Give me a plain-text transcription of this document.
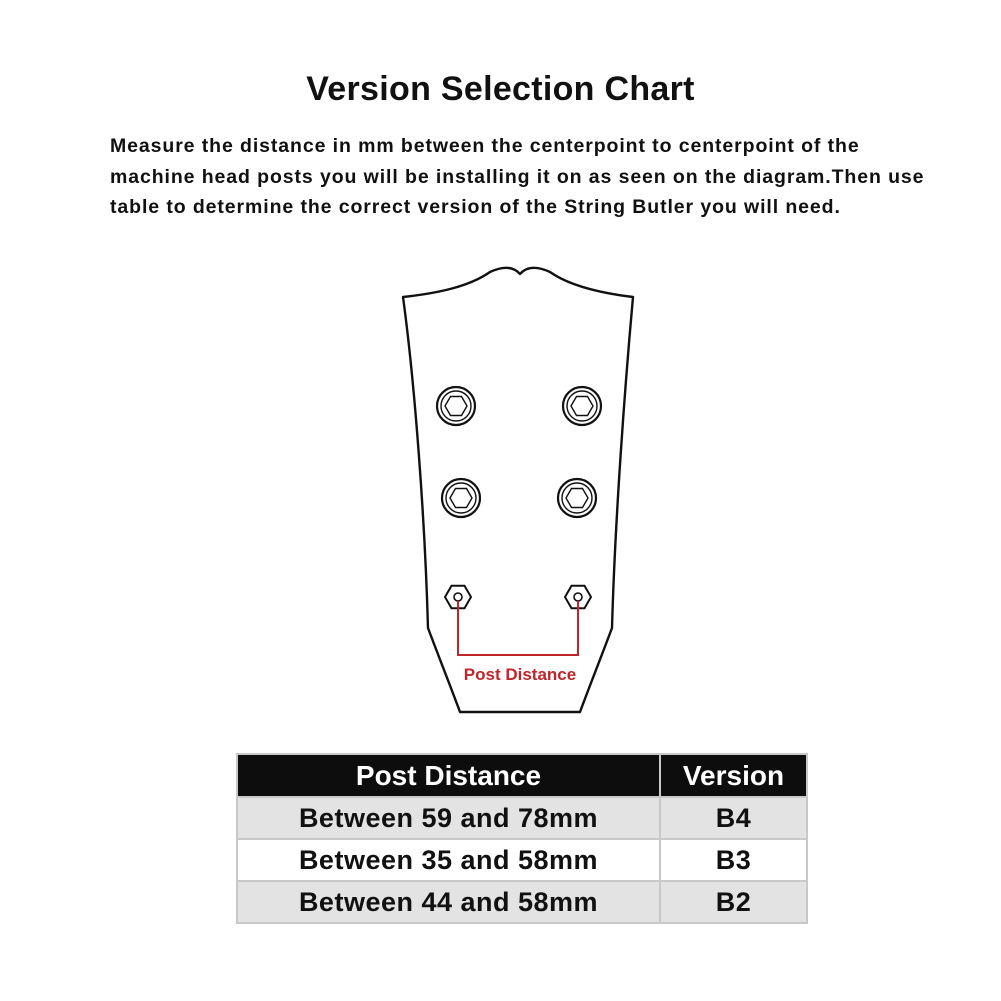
Version Selection Chart
Measure the distance in mm between the centerpoint to centerpoint of the
machine head posts you will be installing it on as seen on the diagram.Then use
table to determine the correct version of the String Butler you will need.
Post Distance
Post Distance	Version
Between 59 and 78mm	B4
Between 35 and 58mm	B3
Between 44 and 58mm	B2
